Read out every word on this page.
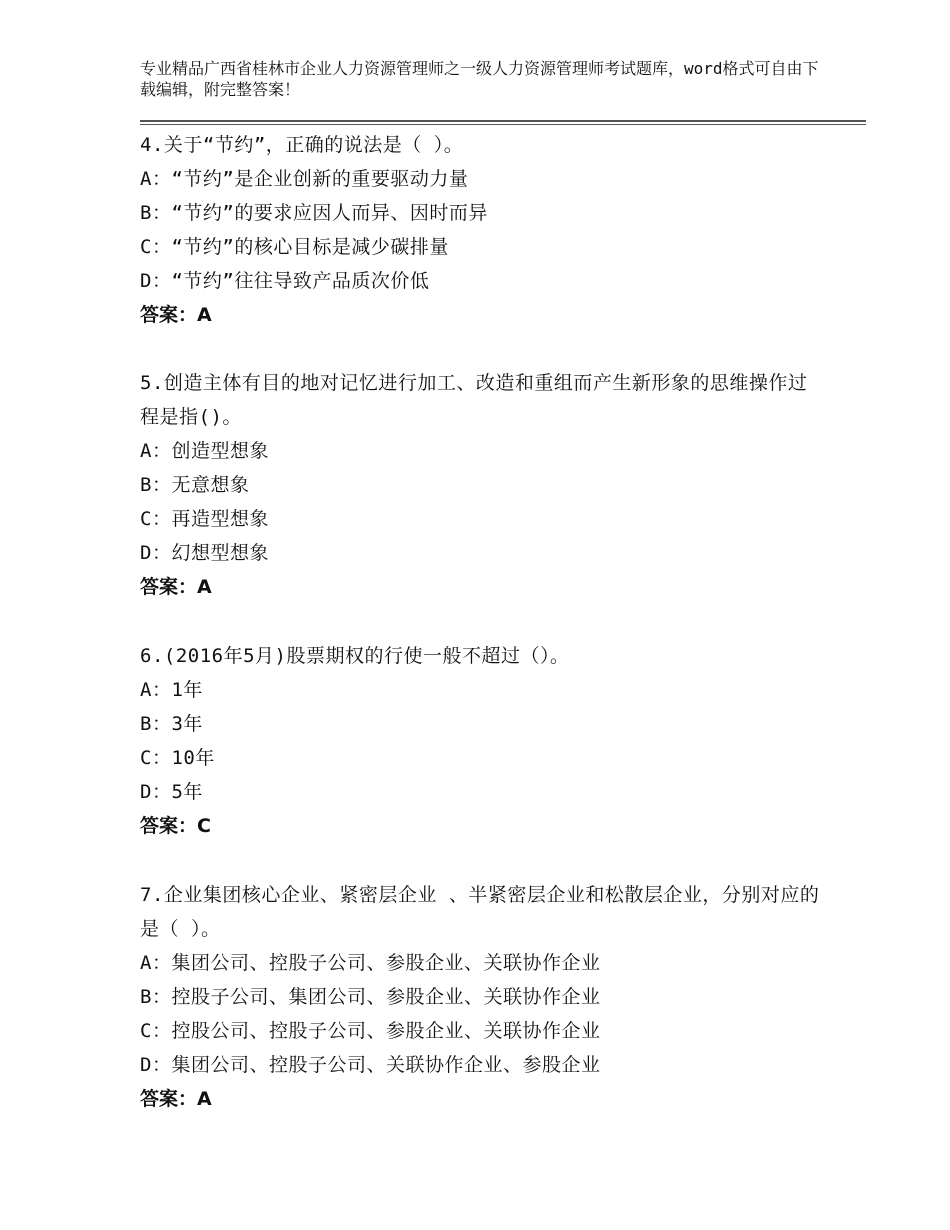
专业精品广西省桂林市企业人力资源管理师之一级人力资源管理师考试题库，word格式可自由下载编辑，附完整答案！
4.关于“节约”，正确的说法是（ ）。
A：“节约”是企业创新的重要驱动力量
B：“节约”的要求应因人而异、因时而异
C：“节约”的核心目标是减少碳排量
D：“节约”往往导致产品质次价低
答案：A
5.创造主体有目的地对记忆进行加工、改造和重组而产生新形象的思维操作过程是指()。
A：创造型想象
B：无意想象
C：再造型想象
D：幻想型想象
答案：A
6.(2016年5月)股票期权的行使一般不超过（）。
A：1年
B：3年
C：10年
D：5年
答案：C
7.企业集团核心企业、紧密层企业 、半紧密层企业和松散层企业，分别对应的是（ ）。
A：集团公司、控股子公司、参股企业、关联协作企业
B：控股子公司、集团公司、参股企业、关联协作企业
C：控股公司、控股子公司、参股企业、关联协作企业
D：集团公司、控股子公司、关联协作企业、参股企业
答案：A
